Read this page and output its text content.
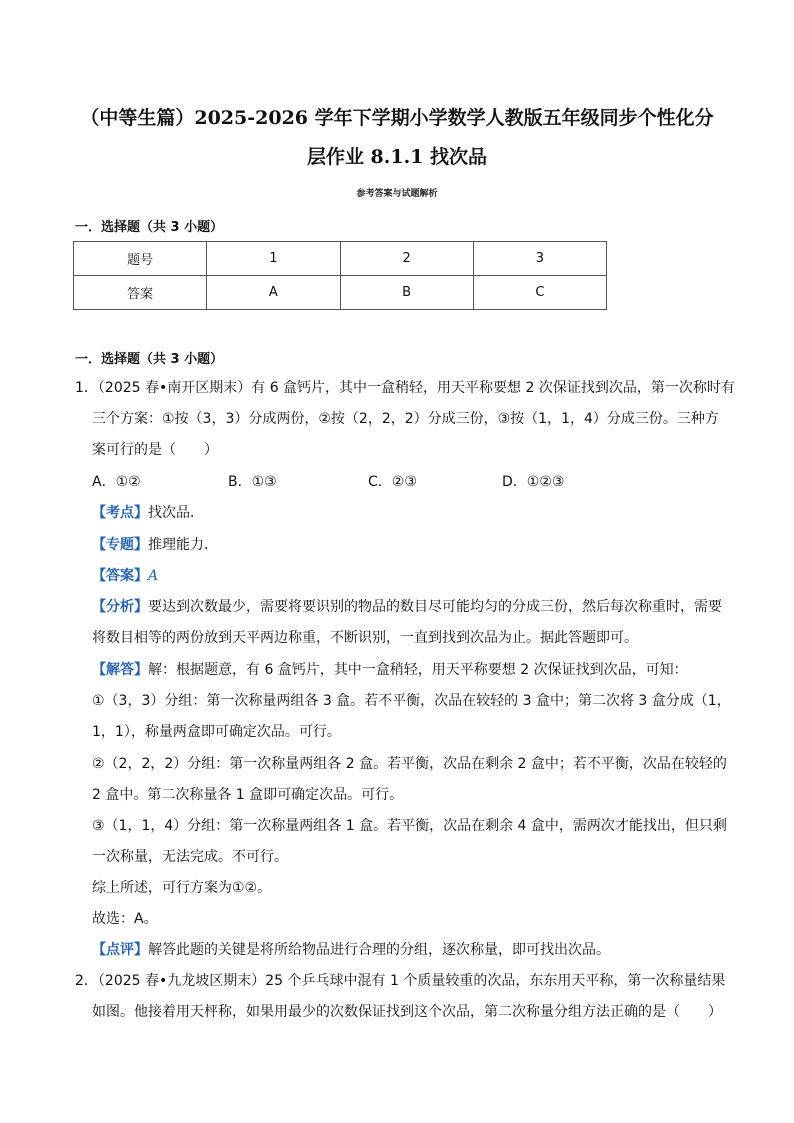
（中等生篇）2025-2026 学年下学期小学数学人教版五年级同步个性化分
层作业 8.1.1 找次品
参考答案与试题解析
一．选择题（共 3 小题）
题号	1	2	3
答案	A	B	C
一．选择题（共 3 小题）
1．（2025 春•南开区期末）有 6 盒钙片，其中一盒稍轻，用天平称要想 2 次保证找到次品，第一次称时有
三个方案：①按（3，3）分成两份，②按（2，2，2）分成三份，③按（1，1，4）分成三份。三种方
案可行的是（　　）
A．①②	B．①③	C．②③	D．①②③
【考点】找次品．
【专题】推理能力．
【答案】A
【分析】要达到次数最少，需要将要识别的物品的数目尽可能均匀的分成三份，然后每次称重时，需要
将数目相等的两份放到天平两边称重，不断识别，一直到找到次品为止。据此答题即可。
【解答】解：根据题意，有 6 盒钙片，其中一盒稍轻，用天平称要想 2 次保证找到次品，可知：
①（3，3）分组：第一次称量两组各 3 盒。若不平衡，次品在较轻的 3 盒中；第二次将 3 盒分成（1，
1，1），称量两盒即可确定次品。可行。
②（2，2，2）分组：第一次称量两组各 2 盒。若平衡，次品在剩余 2 盒中；若不平衡，次品在较轻的
2 盒中。第二次称量各 1 盒即可确定次品。可行。
③（1，1，4）分组：第一次称量两组各 1 盒。若平衡，次品在剩余 4 盒中，需两次才能找出，但只剩
一次称量，无法完成。不可行。
综上所述，可行方案为①②。
故选：A。
【点评】解答此题的关键是将所给物品进行合理的分组，逐次称量，即可找出次品。
2．（2025 春•九龙坡区期末）25 个乒乓球中混有 1 个质量较重的次品，东东用天平称，第一次称量结果
如图。他接着用天枰称，如果用最少的次数保证找到这个次品，第二次称量分组方法正确的是（　　）
